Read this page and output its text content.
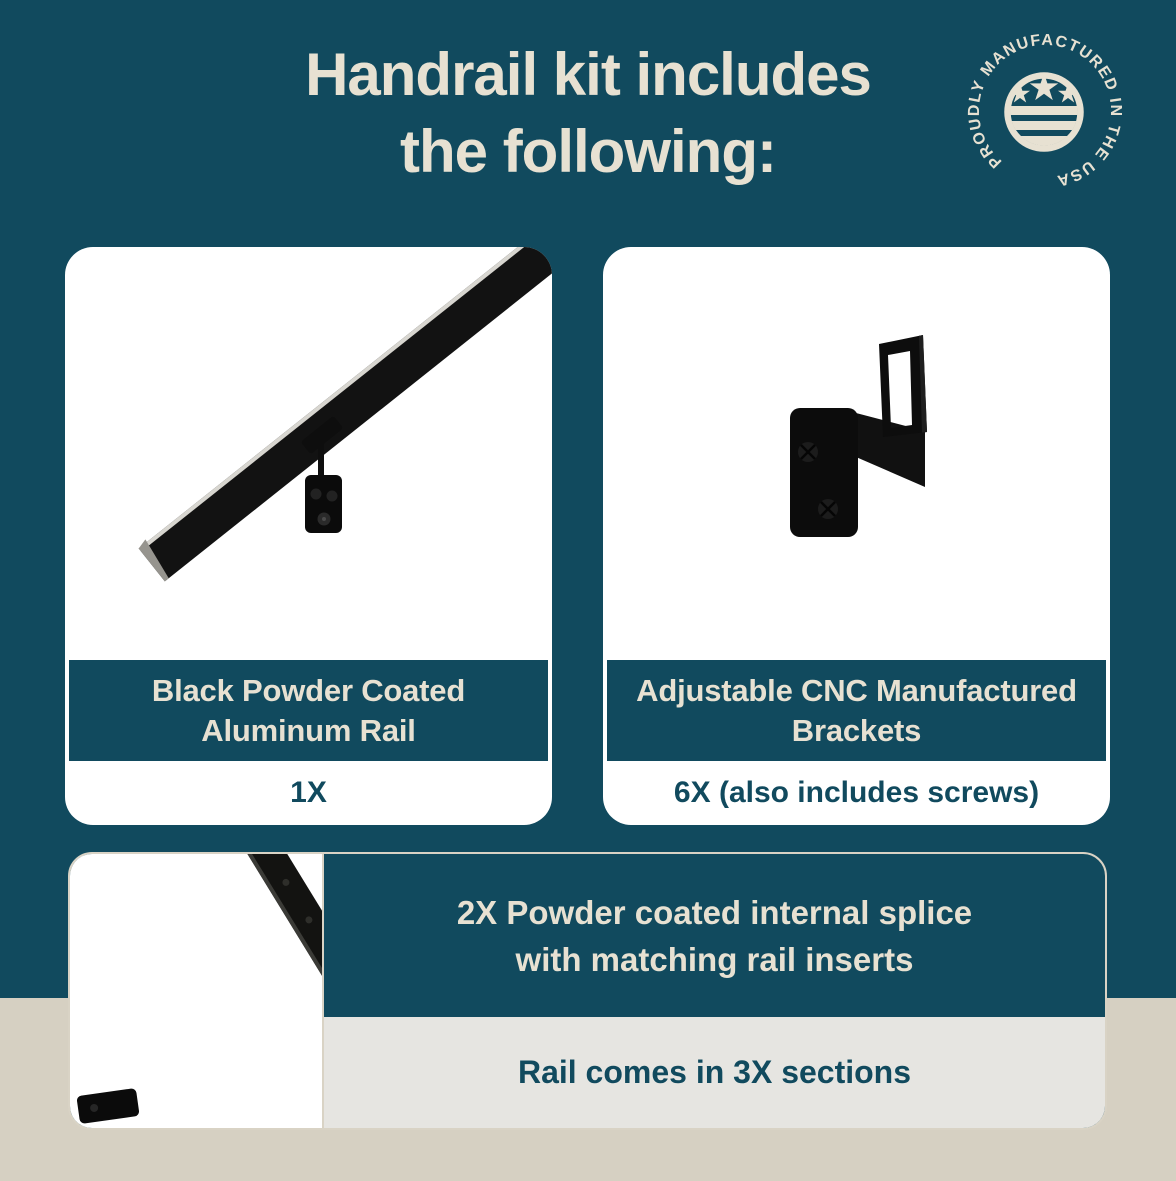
Handrail kit includes
the following:	PROUDLY MANUFACTURED IN THE USA
Black Powder Coated
Aluminum Rail
1X
Adjustable CNC Manufactured
Brackets
6X (also includes screws)
2X Powder coated internal splice
with matching rail inserts
Rail comes in 3X sections
